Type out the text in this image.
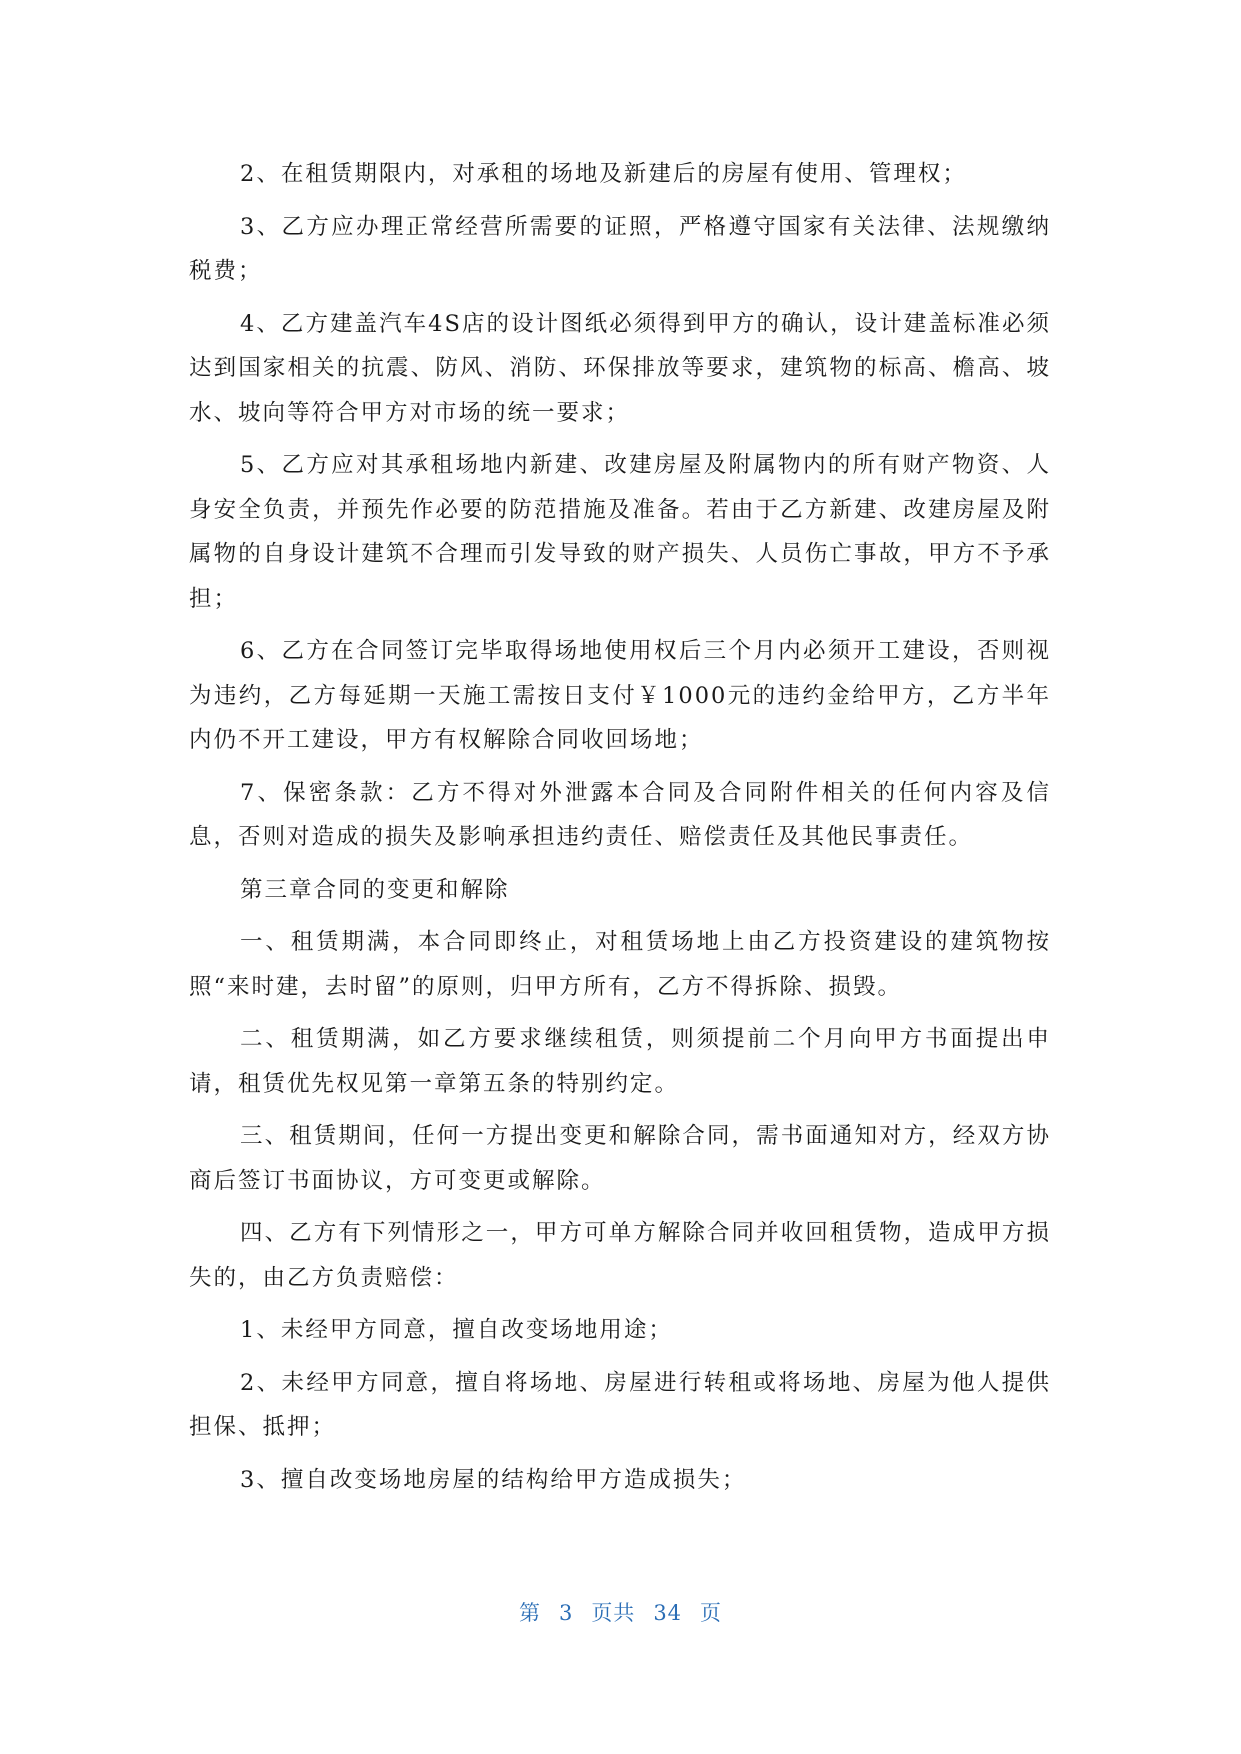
2、在租赁期限内，对承租的场地及新建后的房屋有使用、管理权；

3、乙方应办理正常经营所需要的证照，严格遵守国家有关法律、法规缴纳税费；

4、乙方建盖汽车4S店的设计图纸必须得到甲方的确认，设计建盖标准必须达到国家相关的抗震、防风、消防、环保排放等要求，建筑物的标高、檐高、坡水、坡向等符合甲方对市场的统一要求；

5、乙方应对其承租场地内新建、改建房屋及附属物内的所有财产物资、人身安全负责，并预先作必要的防范措施及准备。若由于乙方新建、改建房屋及附属物的自身设计建筑不合理而引发导致的财产损失、人员伤亡事故，甲方不予承担；

6、乙方在合同签订完毕取得场地使用权后三个月内必须开工建设，否则视为违约，乙方每延期一天施工需按日支付￥1000元的违约金给甲方，乙方半年内仍不开工建设，甲方有权解除合同收回场地；

7、保密条款：乙方不得对外泄露本合同及合同附件相关的任何内容及信息，否则对造成的损失及影响承担违约责任、赔偿责任及其他民事责任。

第三章合同的变更和解除

一、租赁期满，本合同即终止，对租赁场地上由乙方投资建设的建筑物按照“来时建，去时留”的原则，归甲方所有，乙方不得拆除、损毁。

二、租赁期满，如乙方要求继续租赁，则须提前二个月向甲方书面提出申请，租赁优先权见第一章第五条的特别约定。

三、租赁期间，任何一方提出变更和解除合同，需书面通知对方，经双方协商后签订书面协议，方可变更或解除。

四、乙方有下列情形之一，甲方可单方解除合同并收回租赁物，造成甲方损失的，由乙方负责赔偿：

1、未经甲方同意，擅自改变场地用途；

2、未经甲方同意，擅自将场地、房屋进行转租或将场地、房屋为他人提供担保、抵押；

3、擅自改变场地房屋的结构给甲方造成损失；

第 3 页共 34 页
